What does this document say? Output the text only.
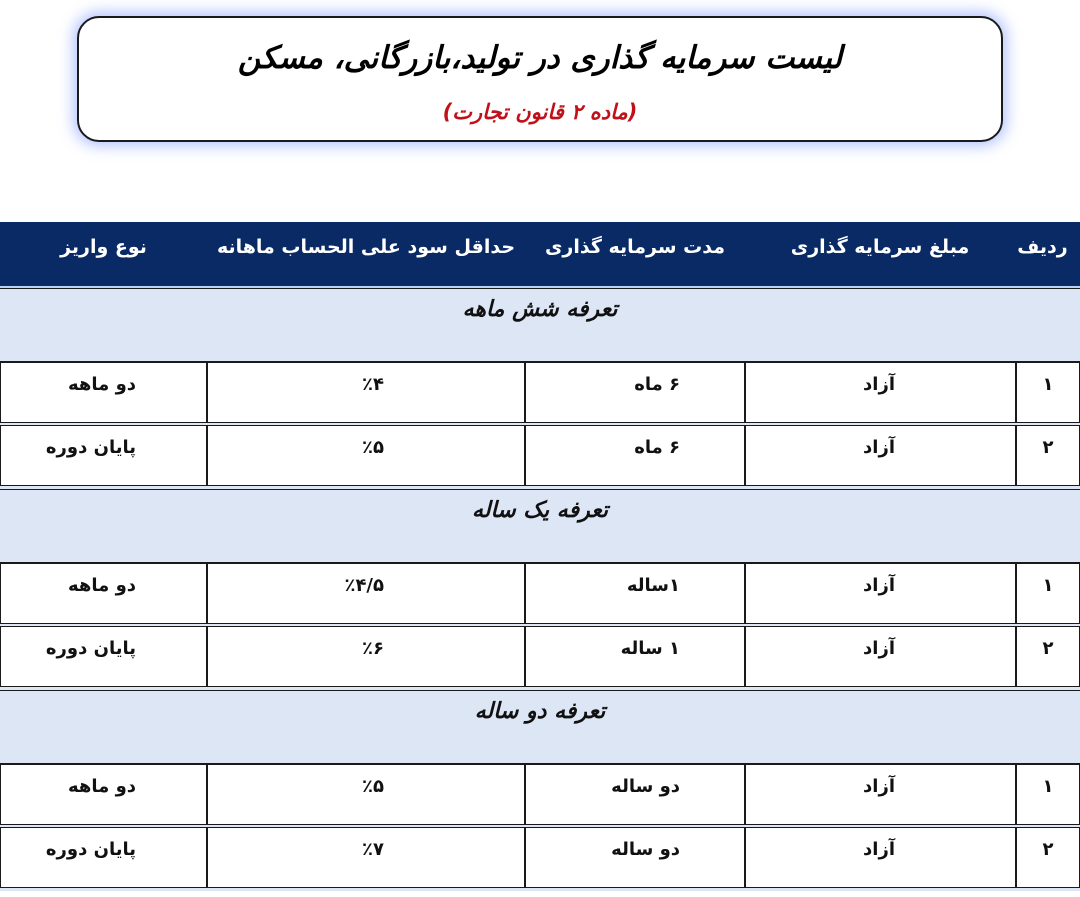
لیست سرمایه گذاری در تولید،بازرگانی، مسکن
(ماده ۲ قانون تجارت)
ردیف
مبلغ سرمایه گذاری
مدت سرمایه گذاری
حداقل سود علی الحساب ماهانه
نوع واریز
تعرفه شش ماهه
۱
آزاد
۶ ماه
٪۴
دو ماهه
۲
آزاد
۶ ماه
٪۵
پایان دوره
تعرفه یک ساله
۱
آزاد
۱ساله
٪۴/۵
دو ماهه
۲
آزاد
۱ ساله
٪۶
پایان دوره
تعرفه دو ساله
۱
آزاد
دو ساله
٪۵
دو ماهه
۲
آزاد
دو ساله
٪۷
پایان دوره
